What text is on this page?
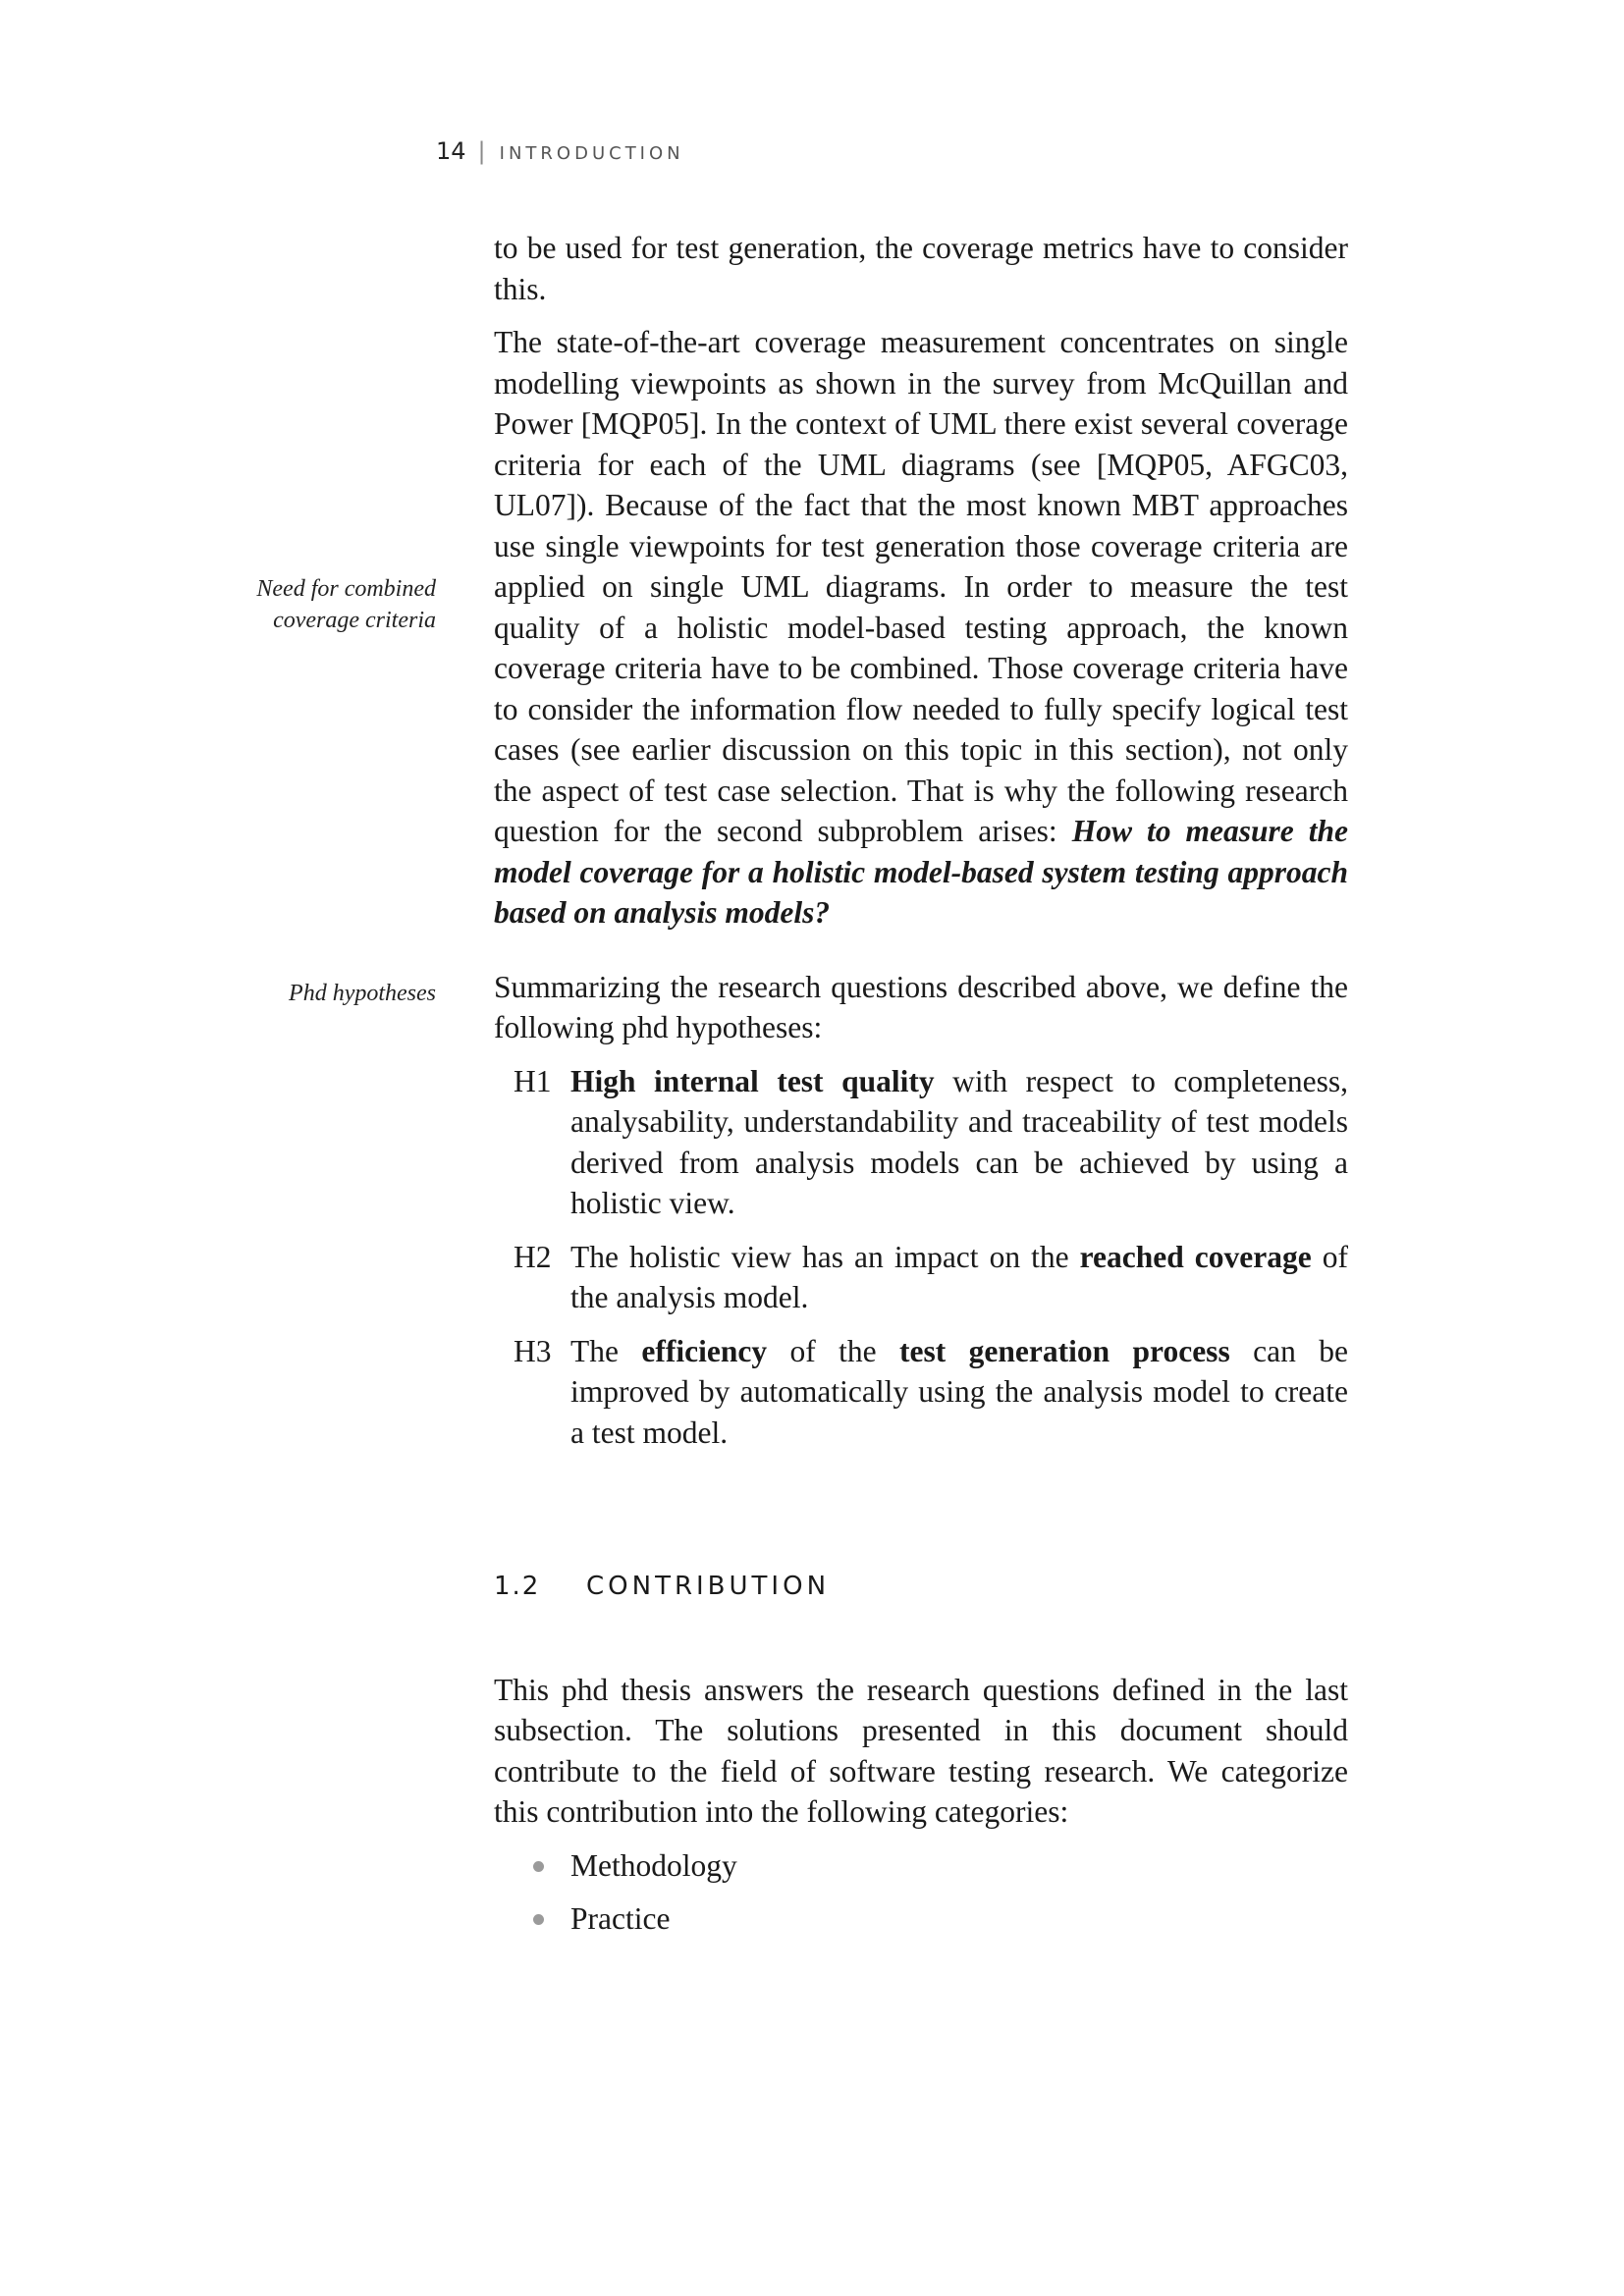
14 | INTRODUCTION
Need for combined
coverage criteria
Phd hypotheses

to be used for test generation, the coverage metrics have to consider this.

The state-of-the-art coverage measurement concentrates on single modelling viewpoints as shown in the survey from McQuillan and Power [MQP05]. In the context of UML there exist several coverage criteria for each of the UML diagrams (see [MQP05, AFGC03, UL07]). Because of the fact that the most known MBT approaches use single viewpoints for test generation those coverage criteria are applied on single UML diagrams. In order to measure the test quality of a holistic model-based testing approach, the known coverage criteria have to be combined. Those coverage criteria have to consider the information flow needed to fully specify logical test cases (see earlier discussion on this topic in this section), not only the aspect of test case selection. That is why the following research question for the second subproblem arises: How to measure the model coverage for a holistic model-based system testing approach based on analysis models?

Summarizing the research questions described above, we define the following phd hypotheses:

H1 High internal test quality with respect to completeness, analysability, understandability and traceability of test models derived from analysis models can be achieved by using a holistic view.
H2 The holistic view has an impact on the reached coverage of the analysis model.
H3 The efficiency of the test generation process can be improved by automatically using the analysis model to create a test model.
1.2	CONTRIBUTION

This phd thesis answers the research questions defined in the last subsection. The solutions presented in this document should contribute to the field of software testing research. We categorize this contribution into the following categories:

Methodology
Practice
